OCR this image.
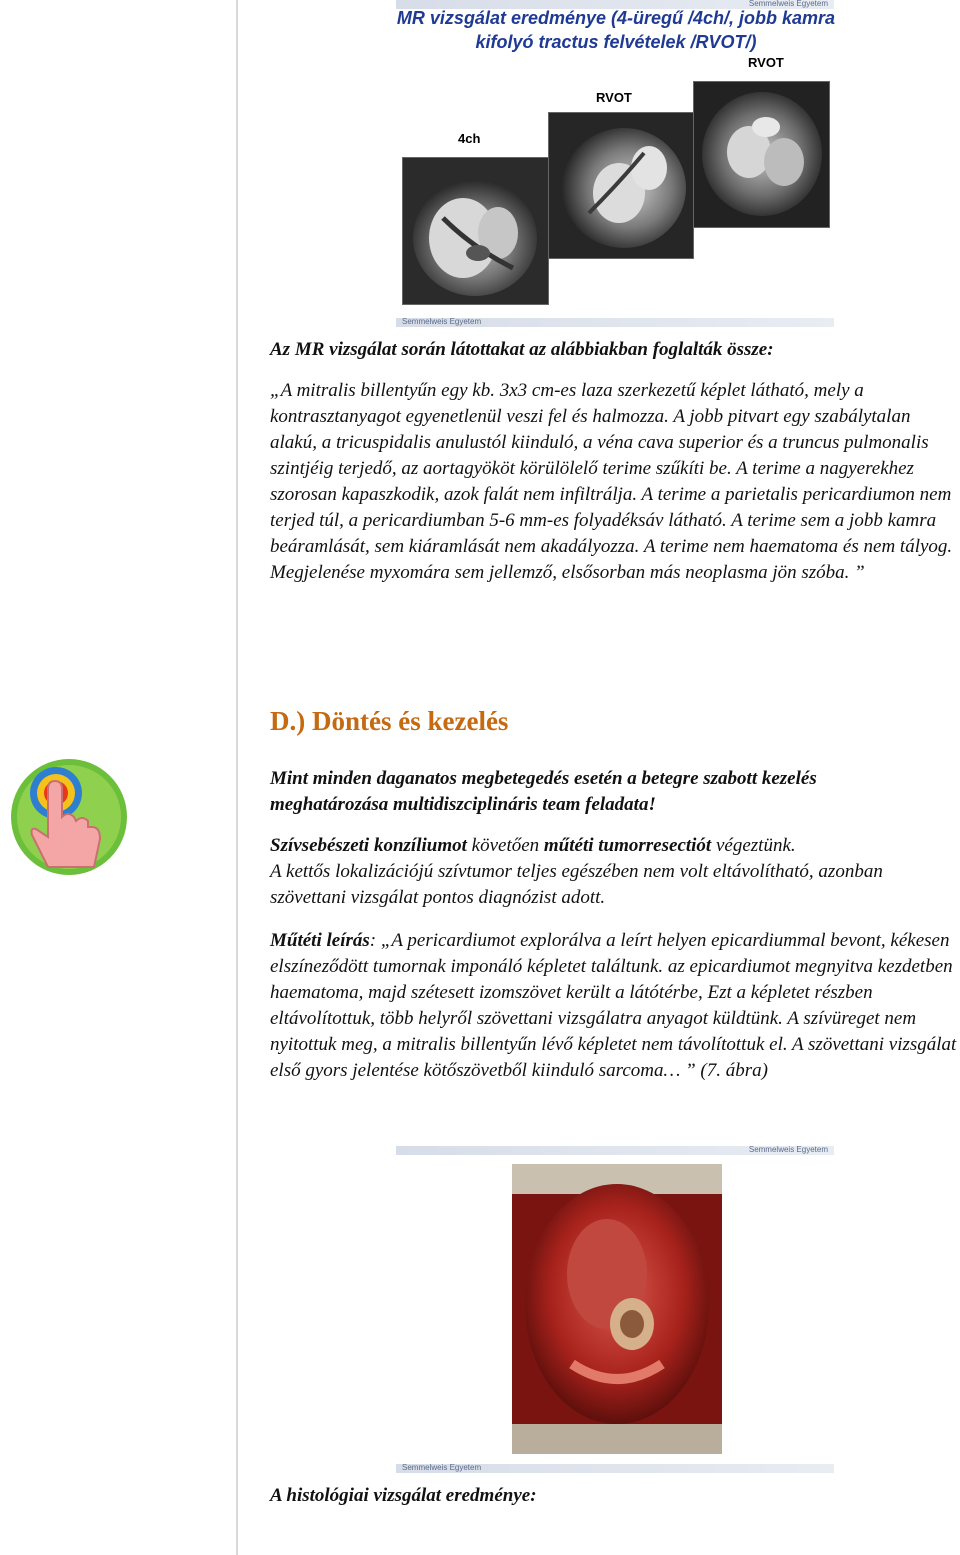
Semmelweis Egyetem
MR vizsgálat eredménye (4-üregű /4ch/, jobb kamra kifolyó tractus felvételek /RVOT/)
4ch
RVOT
RVOT
Semmelweis Egyetem
Az MR vizsgálat során látottakat az alábbiakban foglalták össze:
„A mitralis billentyűn egy kb. 3x3 cm-es laza szerkezetű képlet látható, mely a kontrasztanyagot egyenetlenül veszi fel és halmozza. A jobb pitvart egy szabálytalan alakú, a tricuspidalis anulustól kiinduló, a véna cava superior és a truncus pulmonalis szintjéig terjedő, az aortagyököt körülölelő terime szűkíti be. A terime a nagyerekhez szorosan kapaszkodik, azok falát nem infiltrálja. A terime a parietalis pericardiumon nem terjed túl, a pericardiumban 5-6 mm-es folyadéksáv látható. A terime sem a jobb kamra beáramlását, sem kiáramlását nem akadályozza. A terime nem haematoma és nem tályog. Megjelenése myxomára sem jellemző, elsősorban más neoplasma jön szóba. ”
D.) Döntés és kezelés
Mint minden daganatos megbetegedés esetén a betegre szabott kezelés meghatározása multidiszciplináris team feladata!
Szívsebészeti konzíliumot követően műtéti tumorresectiót végeztünk.
A kettős lokalizációjú szívtumor teljes egészében nem volt eltávolítható, azonban szövettani vizsgálat pontos diagnózist adott.
Műtéti leírás: „A pericardiumot explorálva a leírt helyen epicardiummal bevont, kékesen elszíneződött tumornak imponáló képletet találtunk. az epicardiumot megnyitva kezdetben haematoma, majd szétesett izomszövet került a látótérbe, Ezt a képletet részben eltávolítottuk, több helyről szövettani vizsgálatra anyagot küldtünk. A szívüreget nem nyitottuk meg, a mitralis billentyűn lévő képletet nem távolítottuk el. A szövettani vizsgálat első gyors jelentése kötőszövetből kiinduló sarcoma… ” (7. ábra)
Semmelweis Egyetem
Semmelweis Egyetem
A histológiai vizsgálat eredménye:
